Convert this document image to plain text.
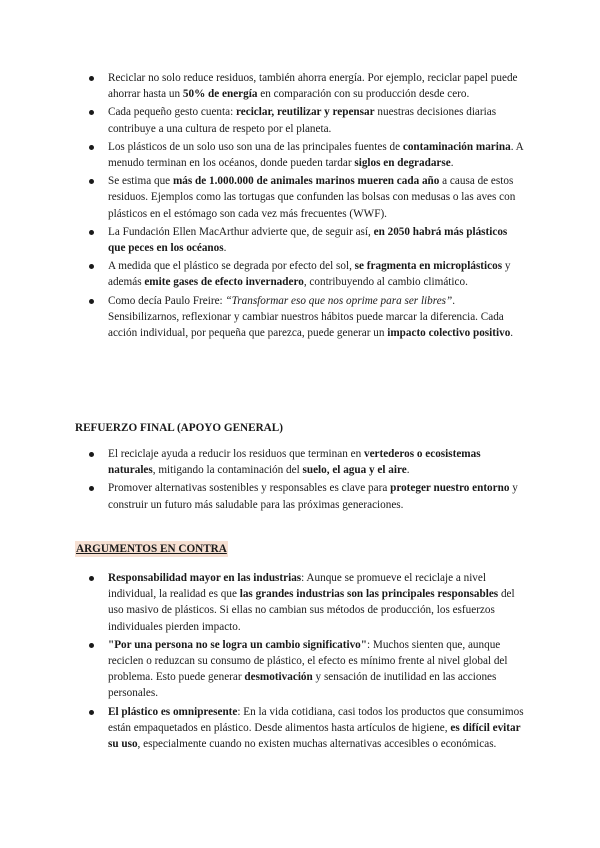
Reciclar no solo reduce residuos, también ahorra energía. Por ejemplo, reciclar papel puede ahorrar hasta un 50% de energía en comparación con su producción desde cero.
Cada pequeño gesto cuenta: reciclar, reutilizar y repensar nuestras decisiones diarias contribuye a una cultura de respeto por el planeta.
Los plásticos de un solo uso son una de las principales fuentes de contaminación marina. A menudo terminan en los océanos, donde pueden tardar siglos en degradarse.
Se estima que más de 1.000.000 de animales marinos mueren cada año a causa de estos residuos. Ejemplos como las tortugas que confunden las bolsas con medusas o las aves con plásticos en el estómago son cada vez más frecuentes (WWF).
La Fundación Ellen MacArthur advierte que, de seguir así, en 2050 habrá más plásticos que peces en los océanos.
A medida que el plástico se degrada por efecto del sol, se fragmenta en microplásticos y además emite gases de efecto invernadero, contribuyendo al cambio climático.
Como decía Paulo Freire: “Transformar eso que nos oprime para ser libres”. Sensibilizarnos, reflexionar y cambiar nuestros hábitos puede marcar la diferencia. Cada acción individual, por pequeña que parezca, puede generar un impacto colectivo positivo.
REFUERZO FINAL (APOYO GENERAL)
El reciclaje ayuda a reducir los residuos que terminan en vertederos o ecosistemas naturales, mitigando la contaminación del suelo, el agua y el aire.
Promover alternativas sostenibles y responsables es clave para proteger nuestro entorno y construir un futuro más saludable para las próximas generaciones.
ARGUMENTOS EN CONTRA
Responsabilidad mayor en las industrias: Aunque se promueve el reciclaje a nivel individual, la realidad es que las grandes industrias son las principales responsables del uso masivo de plásticos. Si ellas no cambian sus métodos de producción, los esfuerzos individuales pierden impacto.
"Por una persona no se logra un cambio significativo": Muchos sienten que, aunque reciclen o reduzcan su consumo de plástico, el efecto es mínimo frente al nivel global del problema. Esto puede generar desmotivación y sensación de inutilidad en las acciones personales.
El plástico es omnipresente: En la vida cotidiana, casi todos los productos que consumimos están empaquetados en plástico. Desde alimentos hasta artículos de higiene, es difícil evitar su uso, especialmente cuando no existen muchas alternativas accesibles o económicas.
